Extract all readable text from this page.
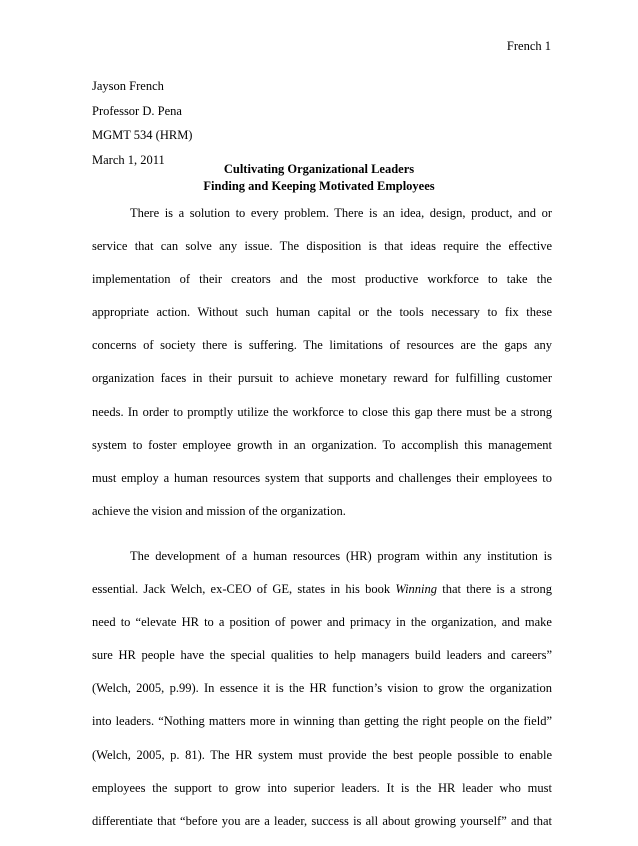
French 1
Jayson French
Professor D. Pena
MGMT 534 (HRM)
March 1, 2011
Cultivating Organizational Leaders
Finding and Keeping Motivated Employees
There is a solution to every problem. There is an idea, design, product, and or
service that can solve any issue. The disposition is that ideas require the effective
implementation of their creators and the most productive workforce to take the
appropriate action. Without such human capital or the tools necessary to fix these
concerns of society there is suffering. The limitations of resources are the gaps any
organization faces in their pursuit to achieve monetary reward for fulfilling customer
needs. In order to promptly utilize the workforce to close this gap there must be a strong
system to foster employee growth in an organization. To accomplish this management
must employ a human resources system that supports and challenges their employees to
achieve the vision and mission of the organization.
The development of a human resources (HR) program within any institution is
essential. Jack Welch, ex-CEO of GE, states in his book Winning that there is a strong
need to “elevate HR to a position of power and primacy in the organization, and make
sure HR people have the special qualities to help managers build leaders and careers”
(Welch, 2005, p.99). In essence it is the HR function’s vision to grow the organization
into leaders. “Nothing matters more in winning than getting the right people on the field”
(Welch, 2005, p. 81). The HR system must provide the best people possible to enable
employees the support to grow into superior leaders. It is the HR leader who must
differentiate that “before you are a leader, success is all about growing yourself” and that
